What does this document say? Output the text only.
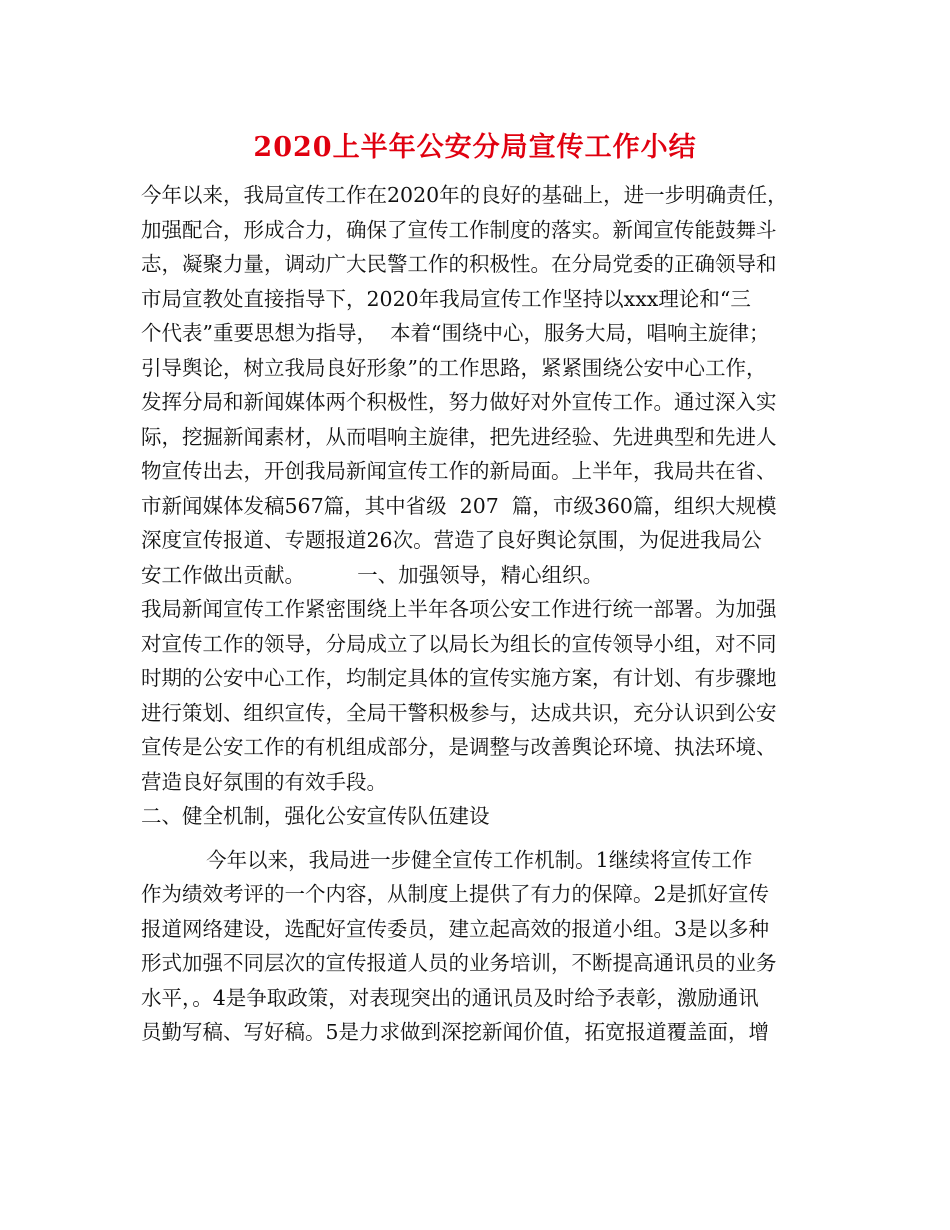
2020上半年公安分局宣传工作小结
今年以来，我局宣传工作在2020年的良好的基础上，进一步明确责任，
加强配合，形成合力，确保了宣传工作制度的落实。新闻宣传能鼓舞斗
志，凝聚力量，调动广大民警工作的积极性。在分局党委的正确领导和
市局宣教处直接指导下，2020年我局宣传工作坚持以xxx理论和“三
个代表”重要思想为指导，  本着“围绕中心，服务大局，唱响主旋律；
引导舆论，树立我局良好形象”的工作思路，紧紧围绕公安中心工作，
发挥分局和新闻媒体两个积极性，努力做好对外宣传工作。通过深入实
际，挖掘新闻素材，从而唱响主旋律，把先进经验、先进典型和先进人
物宣传出去，开创我局新闻宣传工作的新局面。上半年，我局共在省、
市新闻媒体发稿567篇，其中省级  207  篇，市级360篇，组织大规模
深度宣传报道、专题报道26次。营造了良好舆论氛围，为促进我局公
安工作做出贡献。        一、加强领导，精心组织。
我局新闻宣传工作紧密围绕上半年各项公安工作进行统一部署。为加强
对宣传工作的领导，分局成立了以局长为组长的宣传领导小组，对不同
时期的公安中心工作，均制定具体的宣传实施方案，有计划、有步骤地
进行策划、组织宣传，全局干警积极参与，达成共识，充分认识到公安
宣传是公安工作的有机组成部分，是调整与改善舆论环境、执法环境、
营造良好氛围的有效手段。
二、健全机制，强化公安宣传队伍建设
今年以来，我局进一步健全宣传工作机制。1继续将宣传工作
作为绩效考评的一个内容，从制度上提供了有力的保障。2是抓好宣传
报道网络建设，选配好宣传委员，建立起高效的报道小组。3是以多种
形式加强不同层次的宣传报道人员的业务培训，不断提高通讯员的业务
水平，。4是争取政策，对表现突出的通讯员及时给予表彰，激励通讯
员勤写稿、写好稿。5是力求做到深挖新闻价值，拓宽报道覆盖面，增
